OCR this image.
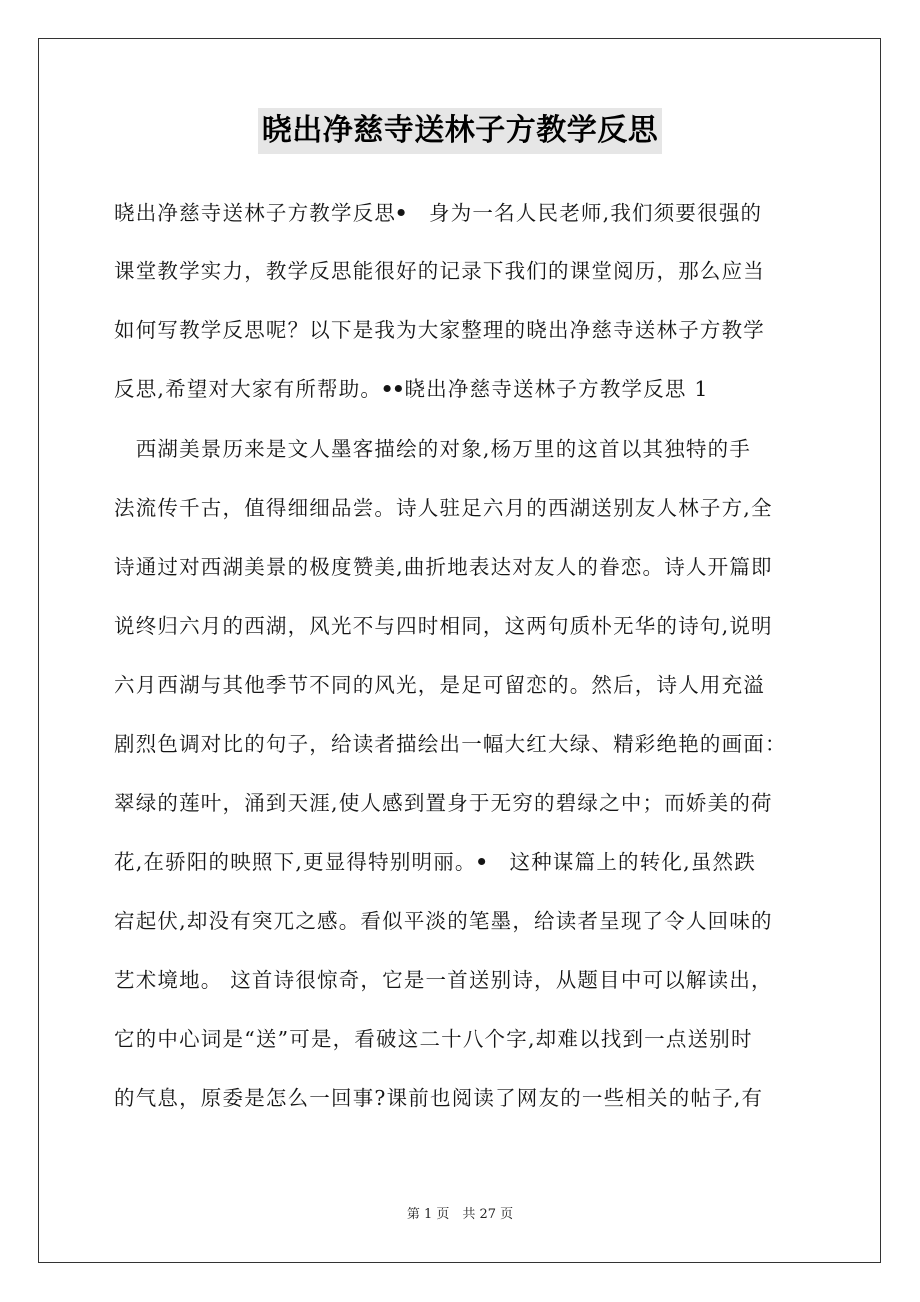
晓出净慈寺送林子方教学反思
晓出净慈寺送林子方教学反思ꔷ　身为一名人民老师,我们须要很强的
课堂教学实力，教学反思能很好的记录下我们的课堂阅历，那么应当
如何写教学反思呢？以下是我为大家整理的晓出净慈寺送林子方教学
反思,希望对大家有所帮助。ꔷꔷ晓出净慈寺送林子方教学反思 1
　西湖美景历来是文人墨客描绘的对象,杨万里的这首以其独特的手
法流传千古，值得细细品尝。诗人驻足六月的西湖送别友人林子方,全
诗通过对西湖美景的极度赞美,曲折地表达对友人的眷恋。诗人开篇即
说终归六月的西湖，风光不与四时相同，这两句质朴无华的诗句,说明
六月西湖与其他季节不同的风光，是足可留恋的。然后，诗人用充溢
剧烈色调对比的句子，给读者描绘出一幅大红大绿、精彩绝艳的画面：
翠绿的莲叶，涌到天涯,使人感到置身于无穷的碧绿之中；而娇美的荷
花,在骄阳的映照下,更显得特别明丽。ꔷ　这种谋篇上的转化,虽然跌
宕起伏,却没有突兀之感。看似平淡的笔墨，给读者呈现了令人回味的
艺术境地。 这首诗很惊奇，它是一首送别诗，从题目中可以解读出，
它的中心词是“送”可是，看破这二十八个字,却难以找到一点送别时
的气息，原委是怎么一回事?课前也阅读了网友的一些相关的帖子,有
第 1 页　共 27 页
